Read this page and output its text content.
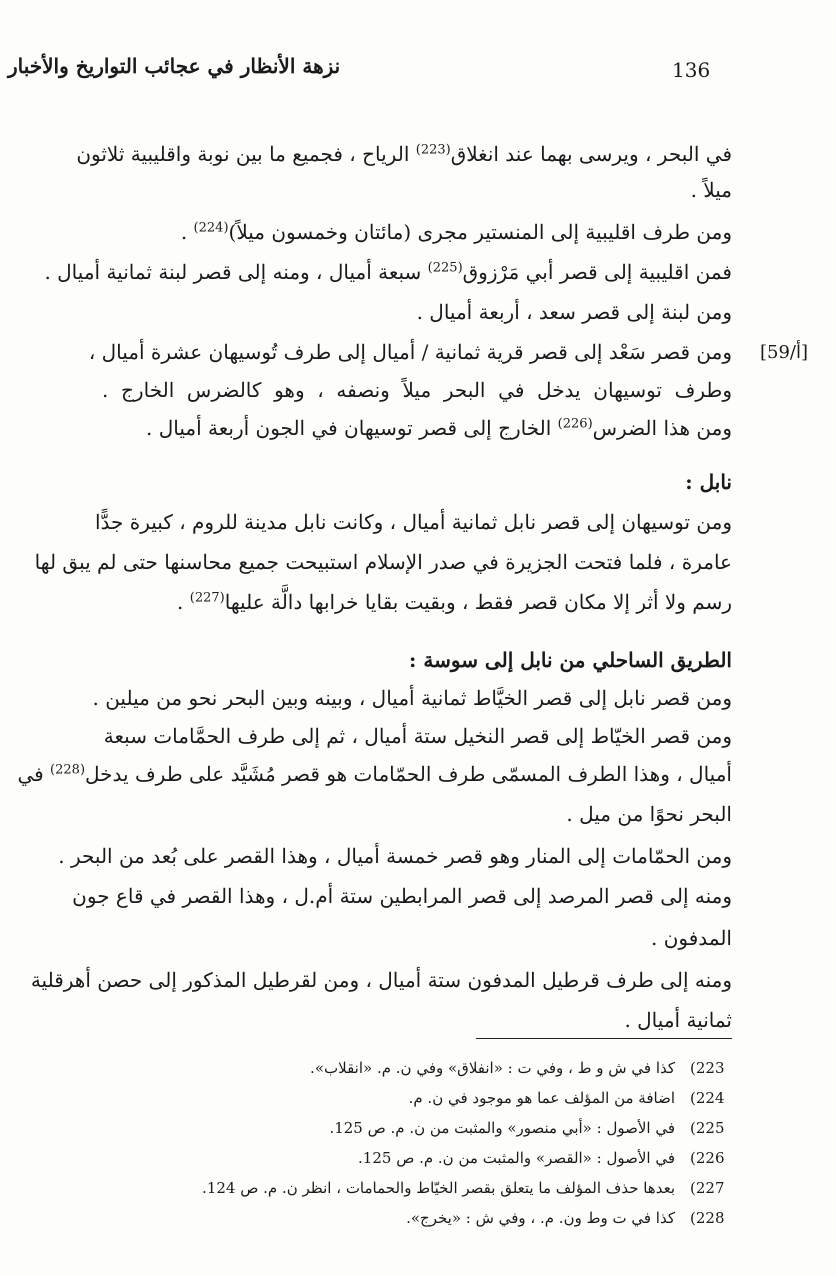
نزهة الأنظار في عجائب التواريخ والأخبار	136
[59/أ]
في البحر ، ويرسى بهما عند انغلاق$^{(223)}$ الرياح ، فجميع ما بين نوبة واقليبية ثلاثون
ميلاً .
ومن طرف اقليبية إلى المنستير مجرى (مائتان وخمسون ميلاً)$^{(224)}$ .
فمن اقليبية إلى قصر أبي مَرْزوق$^{(225)}$ سبعة أميال ، ومنه إلى قصر لبنة ثمانية أميال .
ومن لبنة إلى قصر سعد ، أربعة أميال .
ومن قصر سَعْد إلى قصر قرية ثمانية / أميال إلى طرف تُوسيهان عشرة أميال ،
وطرف توسيهان يدخل في البحر ميلاً ونصفه ، وهو كالضرس الخارج .
ومن هذا الضرس$^{(226)}$ الخارج إلى قصر توسيهان في الجون أربعة أميال .
نابل :
ومن توسيهان إلى قصر نابل ثمانية أميال ، وكانت نابل مدينة للروم ، كبيرة جدًّا
عامرة ، فلما فتحت الجزيرة في صدر الإسلام استبيحت جميع محاسنها حتى لم يبق لها
رسم ولا أثر إلا مكان قصر فقط ، وبقيت بقايا خرابها دالَّة عليها$^{(227)}$ .
الطريق الساحلي من نابل إلى سوسة :
ومن قصر نابل إلى قصر الخيَّاط ثمانية أميال ، وبينه وبين البحر نحو من ميلين .
ومن قصر الخيّاط إلى قصر النخيل ستة أميال ، ثم إلى طرف الحمَّامات سبعة
أميال ، وهذا الطرف المسمّى طرف الحمّامات هو قصر مُشَيَّد على طرف يدخل$^{(228)}$ في
البحر نحوًا من ميل .
ومن الحمّامات إلى المنار وهو قصر خمسة أميال ، وهذا القصر على بُعد من البحر .
ومنه إلى قصر المرصد إلى قصر المرابطين ستة أم.ل ، وهذا القصر في قاع جون
المدفون .
ومنه إلى طرف قرطيل المدفون ستة أميال ، ومن لقرطيل المذكور إلى حصن أهرقلية
ثمانية أميال .
(223 كذا في ش و ط ، وفي ت : «انفلاق» وفي ن. م. «انقلاب».
(224 اضافة من المؤلف عما هو موجود في ن. م.
(225 في الأصول : «أبي منصور» والمثبت من ن. م. ص 125.
(226 في الأصول : «القصر» والمثبت من ن. م. ص 125.
(227 بعدها حذف المؤلف ما يتعلق بقصر الخيّاط والحمامات ، انظر ن. م. ص 124.
(228 كذا في ت وط ون. م. ، وفي ش : «يخرج».
